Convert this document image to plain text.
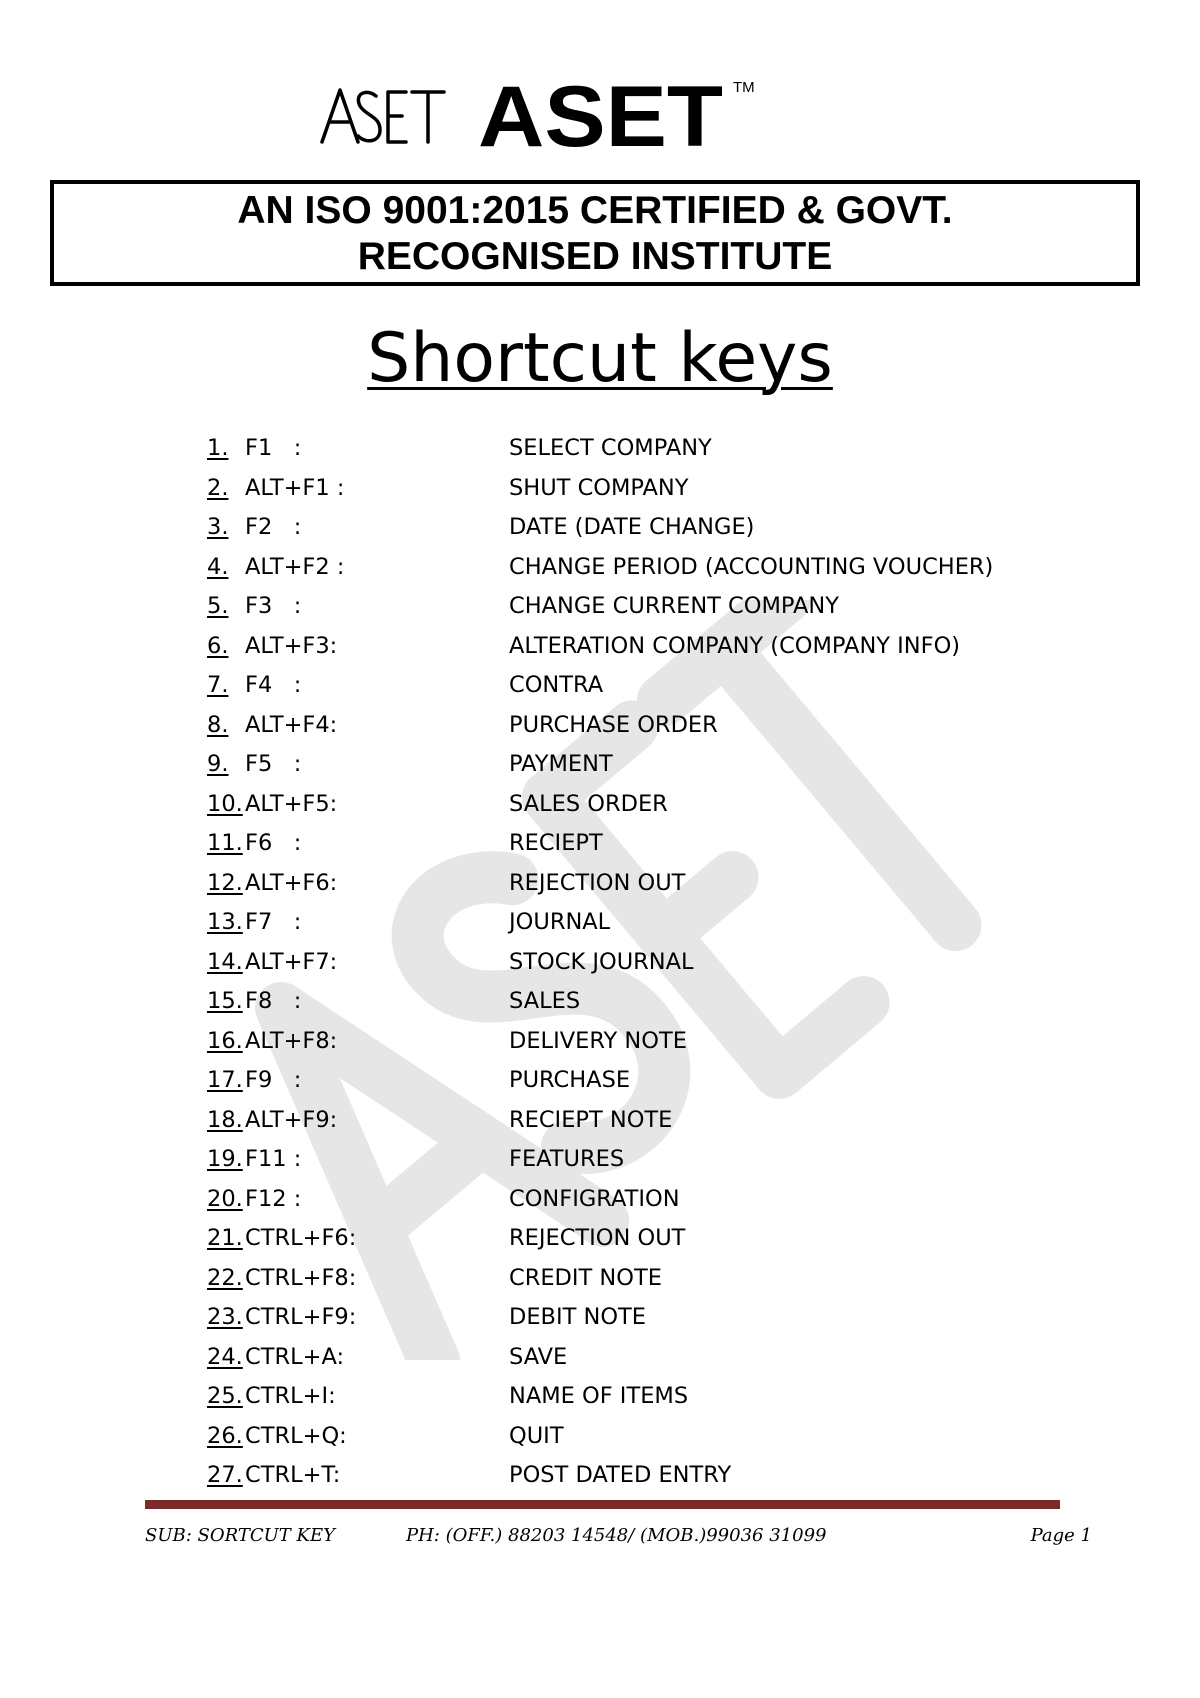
ASET TM
AN ISO 9001:2015 CERTIFIED & GOVT.
RECOGNISED INSTITUTE
Shortcut keys
1. F1   :	SELECT COMPANY
2. ALT+F1 :	SHUT COMPANY
3. F2   :	DATE (DATE CHANGE)
4. ALT+F2 :	CHANGE PERIOD (ACCOUNTING VOUCHER)
5. F3   :	CHANGE CURRENT COMPANY
6. ALT+F3:	ALTERATION COMPANY (COMPANY INFO)
7. F4   :	CONTRA
8. ALT+F4:	PURCHASE ORDER
9. F5   :	PAYMENT
10. ALT+F5:	SALES ORDER
11. F6   :	RECIEPT
12. ALT+F6:	REJECTION OUT
13. F7   :	JOURNAL
14. ALT+F7:	STOCK JOURNAL
15. F8   :	SALES
16. ALT+F8:	DELIVERY NOTE
17. F9   :	PURCHASE
18. ALT+F9:	RECIEPT NOTE
19. F11 :	FEATURES
20. F12 :	CONFIGRATION
21. CTRL+F6:	REJECTION OUT
22. CTRL+F8:	CREDIT NOTE
23. CTRL+F9:	DEBIT NOTE
24. CTRL+A:	SAVE
25. CTRL+I:	NAME OF ITEMS
26. CTRL+Q:	QUIT
27. CTRL+T:	POST DATED ENTRY
SUB: SORTCUT KEY	PH: (OFF.) 88203 14548/ (MOB.)99036 31099	Page 1
